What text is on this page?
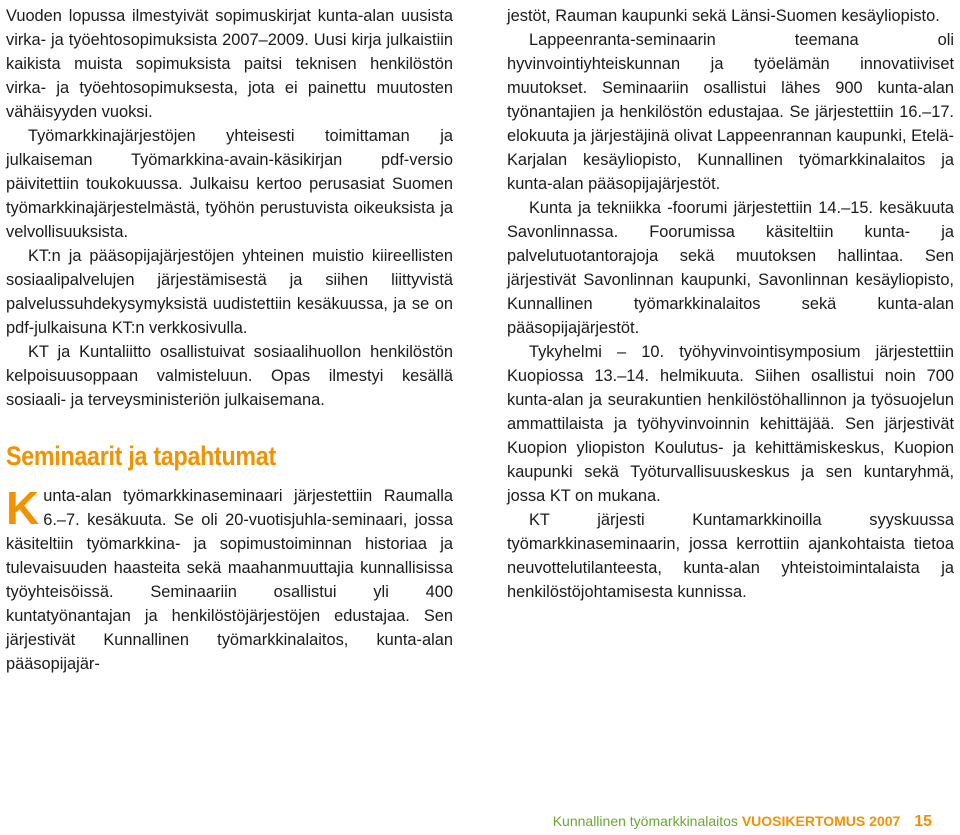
Vuoden lopussa ilmestyivät sopimuskirjat kunta-alan uusista virka- ja työehtosopimuksista 2007–2009. Uusi kirja julkaistiin kaikista muista sopimuksista paitsi teknisen henkilöstön virka- ja työehtosopimuksesta, jota ei painettu muutosten vähäisyyden vuoksi.

Työmarkkinajärjestöjen yhteisesti toimittaman ja julkaiseman Työmarkkina-avain-käsikirjan pdf-versio päivitettiin toukokuussa. Julkaisu kertoo perusasiat Suomen työmarkkinajärjestelmästä, työhön perustuvista oikeuksista ja velvollisuuksista.

KT:n ja pääsopijajärjestöjen yhteinen muistio kiireellisten sosiaalipalvelujen järjestämisestä ja siihen liittyvistä palvelussuhdekysymyksistä uudistettiin kesäkuussa, ja se on pdf-julkaisuna KT:n verkkosivulla.

KT ja Kuntaliitto osallistuivat sosiaalihuollon henkilöstön kelpoisuusoppaan valmisteluun. Opas ilmestyi kesällä sosiaali- ja terveysministeriön julkaisemana.

Seminaarit ja tapahtumat

Kunta-alan työmarkkinaseminaari järjestettiin Raumalla 6.–7. kesäkuuta. Se oli 20-vuotisjuhla-seminaari, jossa käsiteltiin työmarkkina- ja sopimustoiminnan historiaa ja tulevaisuuden haasteita sekä maahanmuuttajia kunnallisissa työyhteisöissä. Seminaariin osallistui yli 400 kuntatyönantajan ja henkilöstöjärjestöjen edustajaa. Sen järjestivät Kunnallinen työmarkkinalaitos, kunta-alan pääsopijajär-

jestöt, Rauman kaupunki sekä Länsi-Suomen kesäyliopisto.

Lappeenranta-seminaarin teemana oli hyvinvointiyhteiskunnan ja työelämän innovatiiviset muutokset. Seminaariin osallistui lähes 900 kunta-alan työnantajien ja henkilöstön edustajaa. Se järjestettiin 16.–17. elokuuta ja järjestäjinä olivat Lappeenrannan kaupunki, Etelä-Karjalan kesäyliopisto, Kunnallinen työmarkkinalaitos ja kunta-alan pääsopijajärjestöt.

Kunta ja tekniikka -foorumi järjestettiin 14.–15. kesäkuuta Savonlinnassa. Foorumissa käsiteltiin kunta- ja palvelutuotantorajoja sekä muutoksen hallintaa. Sen järjestivät Savonlinnan kaupunki, Savonlinnan kesäyliopisto, Kunnallinen työmarkkinalaitos sekä kunta-alan pääsopijajärjestöt.

Tykyhelmi – 10. työhyvinvointisymposium järjestettiin Kuopiossa 13.–14. helmikuuta. Siihen osallistui noin 700 kunta-alan ja seurakuntien henkilöstöhallinnon ja työsuojelun ammattilaista ja työhyvinvoinnin kehittäjää. Sen järjestivät Kuopion yliopiston Koulutus- ja kehittämiskeskus, Kuopion kaupunki sekä Työturvallisuuskeskus ja sen kuntaryhmä, jossa KT on mukana.

KT järjesti Kuntamarkkinoilla syyskuussa työmarkkinaseminaarin, jossa kerrottiin ajankohtaista tietoa neuvottelutilanteesta, kunta-alan yhteistoimintalaista ja henkilöstöjohtamisesta kunnissa.

Kunnallinen työmarkkinalaitos VUOSIKERTOMUS 2007 15
